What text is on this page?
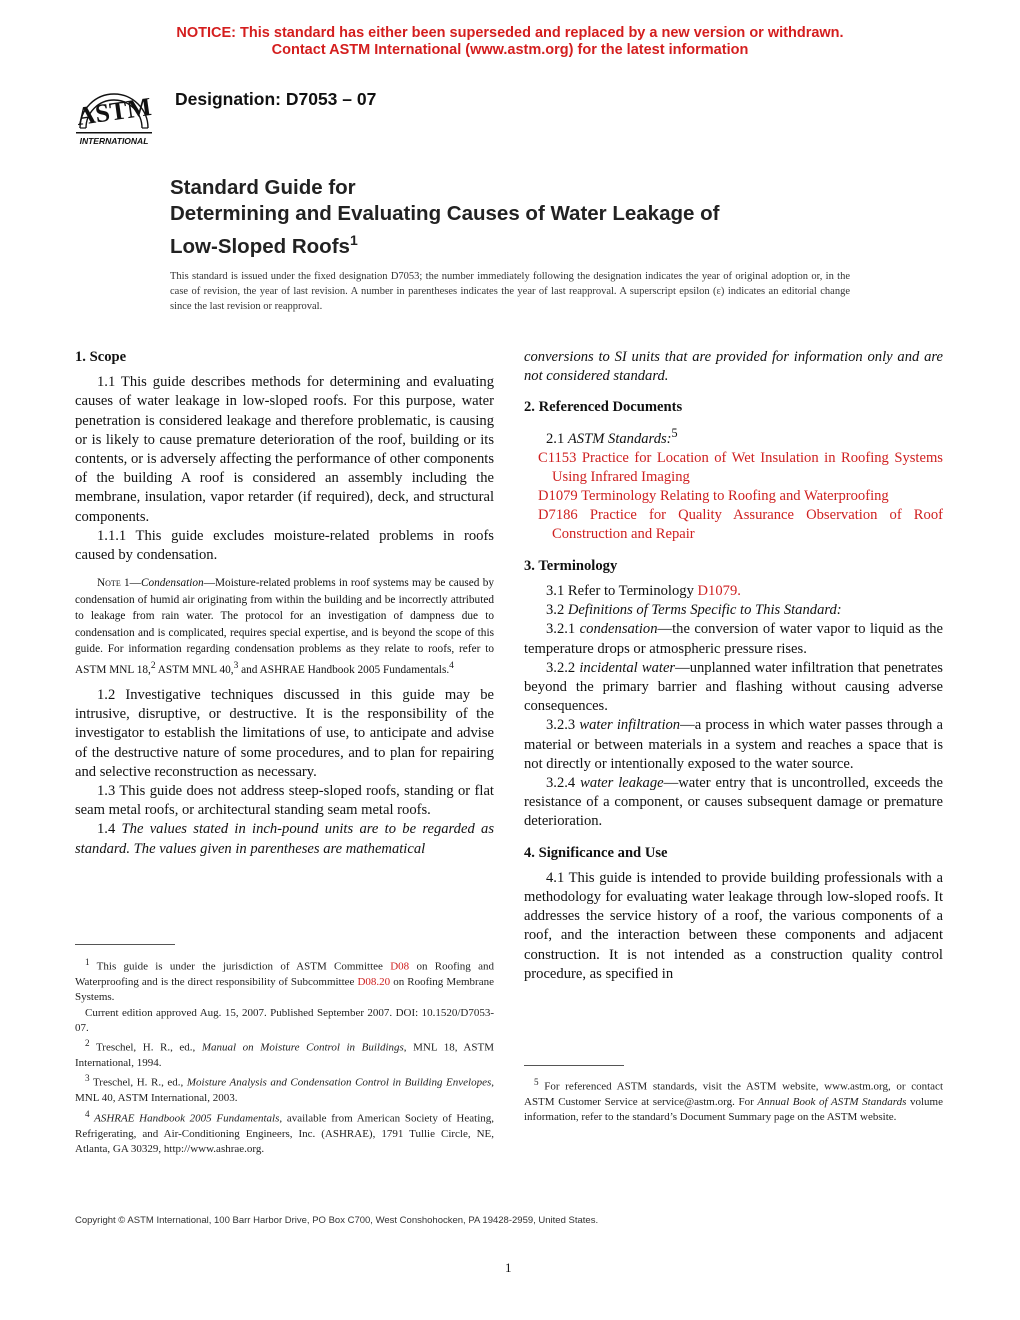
NOTICE: This standard has either been superseded and replaced by a new version or withdrawn.
Contact ASTM International (www.astm.org) for the latest information
ASTM
INTERNATIONAL
Designation: D7053 – 07
Standard Guide for
Determining and Evaluating Causes of Water Leakage of
Low-Sloped Roofs$^1$
This standard is issued under the fixed designation D7053; the number immediately following the designation indicates the year of original adoption or, in the case of revision, the year of last revision. A number in parentheses indicates the year of last reapproval. A superscript epsilon (ε) indicates an editorial change since the last revision or reapproval.

1. Scope

1.1 This guide describes methods for determining and evaluating causes of water leakage in low-sloped roofs. For this purpose, water penetration is considered leakage and therefore problematic, is causing or is likely to cause premature deterioration of the roof, building or its contents, or is adversely affecting the performance of other components of the building A roof is considered an assembly including the membrane, insulation, vapor retarder (if required), deck, and structural components.

1.1.1 This guide excludes moisture-related problems in roofs caused by condensation.

Note 1—Condensation—Moisture-related problems in roof systems may be caused by condensation of humid air originating from within the building and be incorrectly attributed to leakage from rain water. The protocol for an investigation of dampness due to condensation and is complicated, requires special expertise, and is beyond the scope of this guide. For information regarding condensation problems as they relate to roofs, refer to ASTM MNL 18,$^2$ ASTM MNL 40,$^3$ and ASHRAE Handbook 2005 Fundamentals.$^4$

1.2 Investigative techniques discussed in this guide may be intrusive, disruptive, or destructive. It is the responsibility of the investigator to establish the limitations of use, to anticipate and advise of the destructive nature of some procedures, and to plan for repairing and selective reconstruction as necessary.

1.3 This guide does not address steep-sloped roofs, standing or flat seam metal roofs, or architectural standing seam metal roofs.

1.4 The values stated in inch-pound units are to be regarded as standard. The values given in parentheses are mathematical

$^1$ This guide is under the jurisdiction of ASTM Committee D08 on Roofing and Waterproofing and is the direct responsibility of Subcommittee D08.20 on Roofing Membrane Systems.
Current edition approved Aug. 15, 2007. Published September 2007. DOI: 10.1520/D7053-07.
$^2$ Treschel, H. R., ed., Manual on Moisture Control in Buildings, MNL 18, ASTM International, 1994.
$^3$ Treschel, H. R., ed., Moisture Analysis and Condensation Control in Building Envelopes, MNL 40, ASTM International, 2003.
$^4$ ASHRAE Handbook 2005 Fundamentals, available from American Society of Heating, Refrigerating, and Air-Conditioning Engineers, Inc. (ASHRAE), 1791 Tullie Circle, NE, Atlanta, GA 30329, http://www.ashrae.org.

conversions to SI units that are provided for information only and are not considered standard.

2. Referenced Documents

2.1 ASTM Standards:$^5$

C1153 Practice for Location of Wet Insulation in Roofing Systems Using Infrared Imaging

D1079 Terminology Relating to Roofing and Waterproofing

D7186 Practice for Quality Assurance Observation of Roof Construction and Repair

3. Terminology

3.1 Refer to Terminology D1079.

3.2 Definitions of Terms Specific to This Standard:

3.2.1 condensation—the conversion of water vapor to liquid as the temperature drops or atmospheric pressure rises.

3.2.2 incidental water—unplanned water infiltration that penetrates beyond the primary barrier and flashing without causing adverse consequences.

3.2.3 water infiltration—a process in which water passes through a material or between materials in a system and reaches a space that is not directly or intentionally exposed to the water source.

3.2.4 water leakage—water entry that is uncontrolled, exceeds the resistance of a component, or causes subsequent damage or premature deterioration.

4. Significance and Use

4.1 This guide is intended to provide building professionals with a methodology for evaluating water leakage through low-sloped roofs. It addresses the service history of a roof, the various components of a roof, and the interaction between these components and adjacent construction. It is not intended as a construction quality control procedure, as specified in

$^5$ For referenced ASTM standards, visit the ASTM website, www.astm.org, or contact ASTM Customer Service at service@astm.org. For Annual Book of ASTM Standards volume information, refer to the standard’s Document Summary page on the ASTM website.
Copyright © ASTM International, 100 Barr Harbor Drive, PO Box C700, West Conshohocken, PA 19428-2959, United States.
1
